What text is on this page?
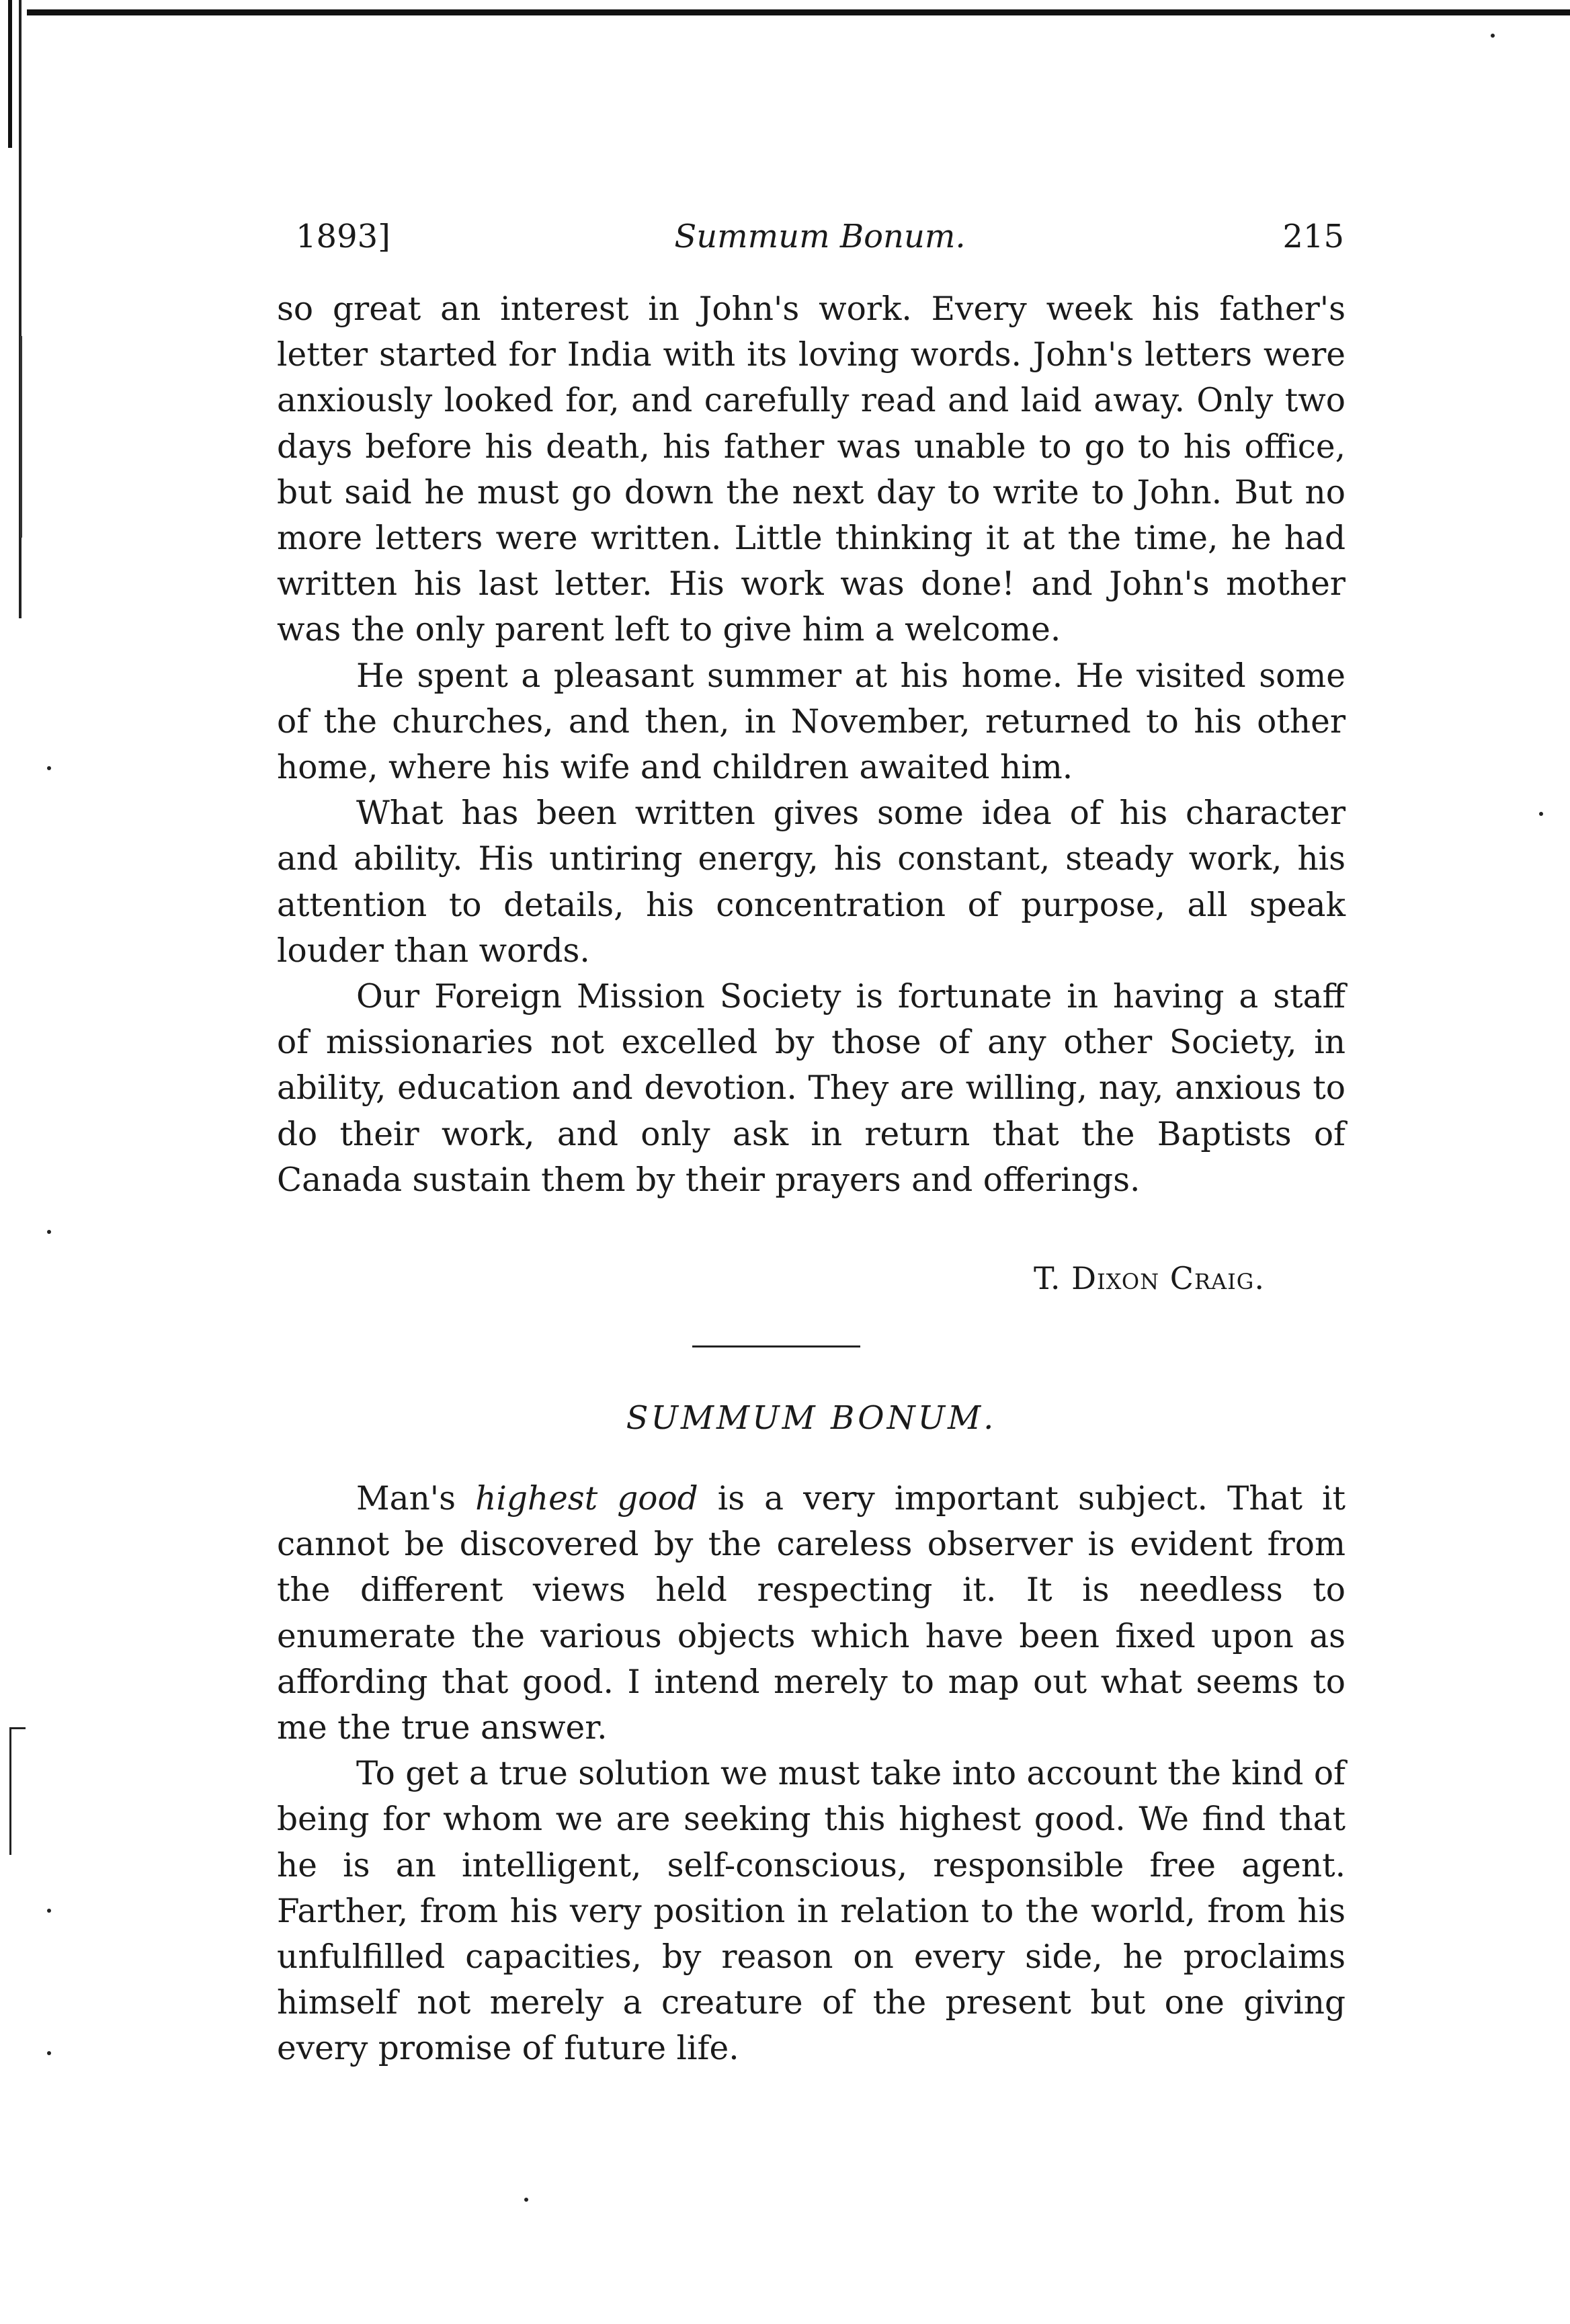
1893]	Summum Bonum.	215

so great an interest in John's work. Every week his father's letter started for India with its loving words. John's letters were anxiously looked for, and carefully read and laid away. Only two days before his death, his father was unable to go to his office, but said he must go down the next day to write to John. But no more letters were written. Little thinking it at the time, he had written his last letter. His work was done! and John's mother was the only parent left to give him a welcome.

He spent a pleasant summer at his home. He visited some of the churches, and then, in November, returned to his other home, where his wife and children awaited him.

What has been written gives some idea of his character and ability. His untiring energy, his constant, steady work, his attention to details, his concentration of purpose, all speak louder than words.

Our Foreign Mission Society is fortunate in having a staff of missionaries not excelled by those of any other Society, in ability, education and devotion. They are willing, nay, anxious to do their work, and only ask in return that the Baptists of Canada sustain them by their prayers and offerings.

T. Dixon Craig.
SUMMUM BONUM.

Man's highest good is a very important subject. That it cannot be discovered by the careless observer is evident from the different views held respecting it. It is needless to enumerate the various objects which have been fixed upon as affording that good. I intend merely to map out what seems to me the true answer.

To get a true solution we must take into account the kind of being for whom we are seeking this highest good. We find that he is an intelligent, self-conscious, responsible free agent. Farther, from his very position in relation to the world, from his unfulfilled capacities, by reason on every side, he proclaims himself not merely a creature of the present but one giving every promise of future life.
